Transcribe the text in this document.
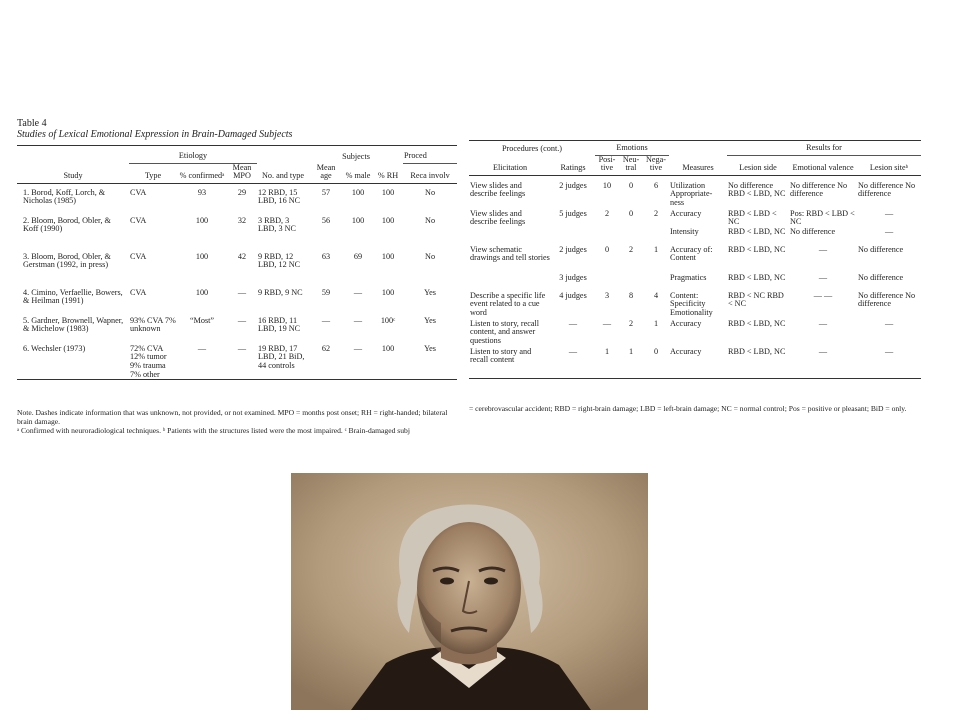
Table 4
Studies of Lexical Emotional Expression in Brain-Damaged Subjects
	Etiology				Subjects			Proced
Study	Type	% confirmedᵃ	Mean MPO	No. and type	Mean age	% male	% RH	Reca involv
1. Borod, Koff, Lorch, & Nicholas (1985)	CVA	93	29	12 RBD, 15 LBD, 16 NC	57	100	100	No
2. Bloom, Borod, Obler, & Koff (1990)	CVA	100	32	3 RBD, 3 LBD, 3 NC	56	100	100	No
3. Bloom, Borod, Obler, & Gerstman (1992, in press)	CVA	100	42	9 RBD, 12 LBD, 12 NC	63	69	100	No
4. Cimino, Verfaellie, Bowers, & Heilman (1991)	CVA	100	—	9 RBD, 9 NC	59	—	100	Yes
5. Gardner, Brownell, Wapner, & Michelow (1983)	93% CVA 7% unknown	“Most”	—	16 RBD, 11 LBD, 19 NC	—	—	100ᶜ	Yes
6. Wechsler (1973)	72% CVA 12% tumor 9% trauma 7% other	—	—	19 RBD, 17 LBD, 21 BiD, 44 controls	62	—	100	Yes
Note. Dashes indicate information that was unknown, not provided, or not examined. MPO = months post onset; RH = right-handed; bilateral brain damage.
ᵃ Confirmed with neuroradiological techniques. ᵇ Patients with the structures listed were the most impaired. ᶜ Brain-damaged subj
Procedures (cont.)		Emotions				Results for		
Elicitation	Ratings	Posi- tive	Neu- tral	Nega- tive	Measures	Lesion side	Emotional valence	Lesion siteᵇ
View slides and describe feelings	2 judges	10	0	6	Utilization Appropriate- ness	No difference RBD < LBD, NC	No difference No difference	No difference No difference
View slides and describe feelings	5 judges	2	0	2	Accuracy	RBD < LBD < NC	Pos: RBD < LBD < NC	—
					Intensity	RBD < LBD, NC	No difference	—
View schematic drawings and tell stories	2 judges	0	2	1	Accuracy of: Content	RBD < LBD, NC	—	No difference
	3 judges				Pragmatics	RBD < LBD, NC	—	No difference
Describe a specific life event related to a cue word	4 judges	3	8	4	Content: Specificity Emotionality	RBD < NC RBD < NC	— —	No difference No difference
Listen to story, recall content, and answer questions	—	—	2	1	Accuracy	RBD < LBD, NC	—	—
Listen to story and recall content	—	1	1	0	Accuracy	RBD < LBD, NC	—	—
= cerebrovascular accident; RBD = right-brain damage; LBD = left-brain damage; NC = normal control; Pos = positive or pleasant; BiD = only.
